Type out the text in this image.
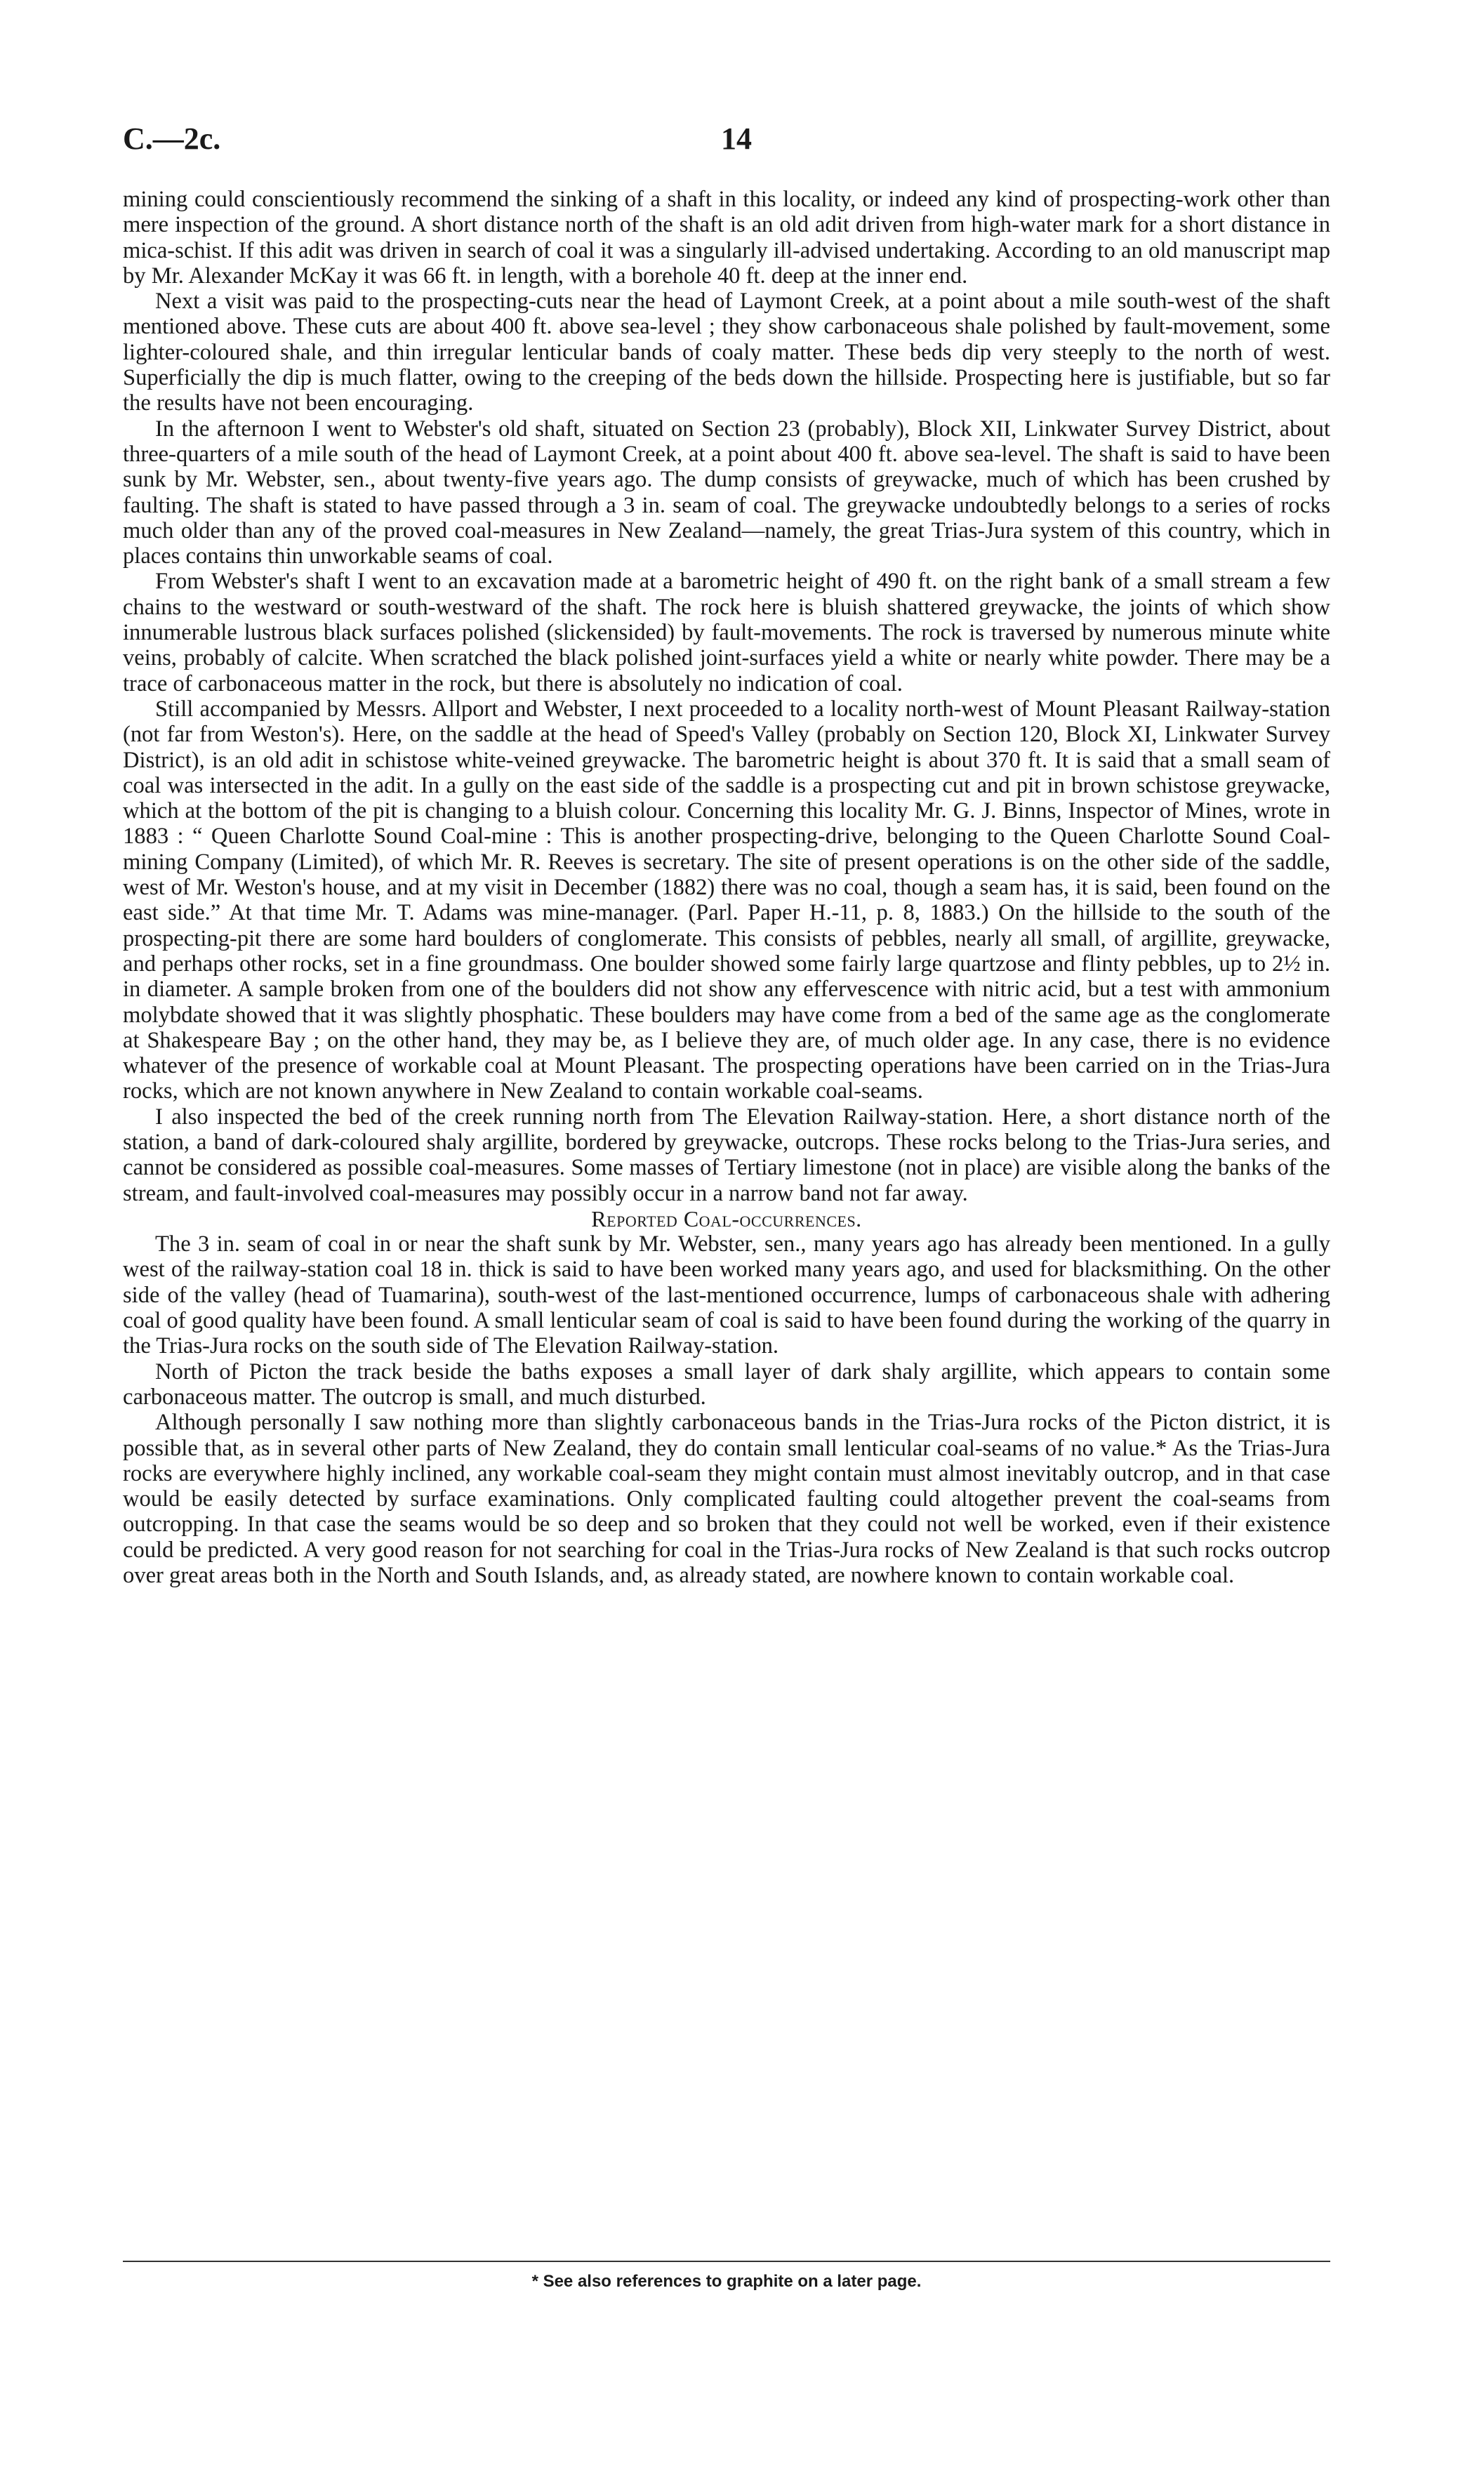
C.—2c.	14

mining could conscientiously recommend the sinking of a shaft in this locality, or indeed any kind of prospecting-work other than mere inspection of the ground. A short distance north of the shaft is an old adit driven from high-water mark for a short distance in mica-schist. If this adit was driven in search of coal it was a singularly ill-advised undertaking. According to an old manuscript map by Mr. Alexander McKay it was 66 ft. in length, with a borehole 40 ft. deep at the inner end.

Next a visit was paid to the prospecting-cuts near the head of Laymont Creek, at a point about a mile south-west of the shaft mentioned above. These cuts are about 400 ft. above sea-level ; they show carbonaceous shale polished by fault-movement, some lighter-coloured shale, and thin irregular lenticular bands of coaly matter. These beds dip very steeply to the north of west. Superficially the dip is much flatter, owing to the creeping of the beds down the hillside. Prospecting here is justifiable, but so far the results have not been encouraging.

In the afternoon I went to Webster's old shaft, situated on Section 23 (probably), Block XII, Linkwater Survey District, about three-quarters of a mile south of the head of Laymont Creek, at a point about 400 ft. above sea-level. The shaft is said to have been sunk by Mr. Webster, sen., about twenty-five years ago. The dump consists of greywacke, much of which has been crushed by faulting. The shaft is stated to have passed through a 3 in. seam of coal. The greywacke undoubtedly belongs to a series of rocks much older than any of the proved coal-measures in New Zealand—namely, the great Trias-Jura system of this country, which in places contains thin unworkable seams of coal.

From Webster's shaft I went to an excavation made at a barometric height of 490 ft. on the right bank of a small stream a few chains to the westward or south-westward of the shaft. The rock here is bluish shattered greywacke, the joints of which show innumerable lustrous black surfaces polished (slickensided) by fault-movements. The rock is traversed by numerous minute white veins, probably of calcite. When scratched the black polished joint-surfaces yield a white or nearly white powder. There may be a trace of carbonaceous matter in the rock, but there is absolutely no indication of coal.

Still accompanied by Messrs. Allport and Webster, I next proceeded to a locality north-west of Mount Pleasant Railway-station (not far from Weston's). Here, on the saddle at the head of Speed's Valley (probably on Section 120, Block XI, Linkwater Survey District), is an old adit in schistose white-veined greywacke. The barometric height is about 370 ft. It is said that a small seam of coal was intersected in the adit. In a gully on the east side of the saddle is a prospecting cut and pit in brown schistose greywacke, which at the bottom of the pit is changing to a bluish colour. Concerning this locality Mr. G. J. Binns, Inspector of Mines, wrote in 1883 : “ Queen Charlotte Sound Coal-mine : This is another prospecting-drive, belonging to the Queen Charlotte Sound Coal-mining Company (Limited), of which Mr. R. Reeves is secretary. The site of present operations is on the other side of the saddle, west of Mr. Weston's house, and at my visit in December (1882) there was no coal, though a seam has, it is said, been found on the east side.” At that time Mr. T. Adams was mine-manager. (Parl. Paper H.-11, p. 8, 1883.) On the hillside to the south of the prospecting-pit there are some hard boulders of conglomerate. This consists of pebbles, nearly all small, of argillite, greywacke, and perhaps other rocks, set in a fine groundmass. One boulder showed some fairly large quartzose and flinty pebbles, up to 2½ in. in diameter. A sample broken from one of the boulders did not show any effervescence with nitric acid, but a test with ammonium molybdate showed that it was slightly phosphatic. These boulders may have come from a bed of the same age as the conglomerate at Shakespeare Bay ; on the other hand, they may be, as I believe they are, of much older age. In any case, there is no evidence whatever of the presence of workable coal at Mount Pleasant. The prospecting operations have been carried on in the Trias-Jura rocks, which are not known anywhere in New Zealand to contain workable coal-seams.

I also inspected the bed of the creek running north from The Elevation Railway-station. Here, a short distance north of the station, a band of dark-coloured shaly argillite, bordered by greywacke, outcrops. These rocks belong to the Trias-Jura series, and cannot be considered as possible coal-measures. Some masses of Tertiary limestone (not in place) are visible along the banks of the stream, and fault-involved coal-measures may possibly occur in a narrow band not far away.

Reported Coal-occurrences.

The 3 in. seam of coal in or near the shaft sunk by Mr. Webster, sen., many years ago has already been mentioned. In a gully west of the railway-station coal 18 in. thick is said to have been worked many years ago, and used for blacksmithing. On the other side of the valley (head of Tuamarina), south-west of the last-mentioned occurrence, lumps of carbonaceous shale with adhering coal of good quality have been found. A small lenticular seam of coal is said to have been found during the working of the quarry in the Trias-Jura rocks on the south side of The Elevation Railway-station.

North of Picton the track beside the baths exposes a small layer of dark shaly argillite, which appears to contain some carbonaceous matter. The outcrop is small, and much disturbed.

Although personally I saw nothing more than slightly carbonaceous bands in the Trias-Jura rocks of the Picton district, it is possible that, as in several other parts of New Zealand, they do contain small lenticular coal-seams of no value.* As the Trias-Jura rocks are everywhere highly inclined, any workable coal-seam they might contain must almost inevitably outcrop, and in that case would be easily detected by surface examinations. Only complicated faulting could altogether prevent the coal-seams from outcropping. In that case the seams would be so deep and so broken that they could not well be worked, even if their existence could be predicted. A very good reason for not searching for coal in the Trias-Jura rocks of New Zealand is that such rocks outcrop over great areas both in the North and South Islands, and, as already stated, are nowhere known to contain workable coal.

* See also references to graphite on a later page.
